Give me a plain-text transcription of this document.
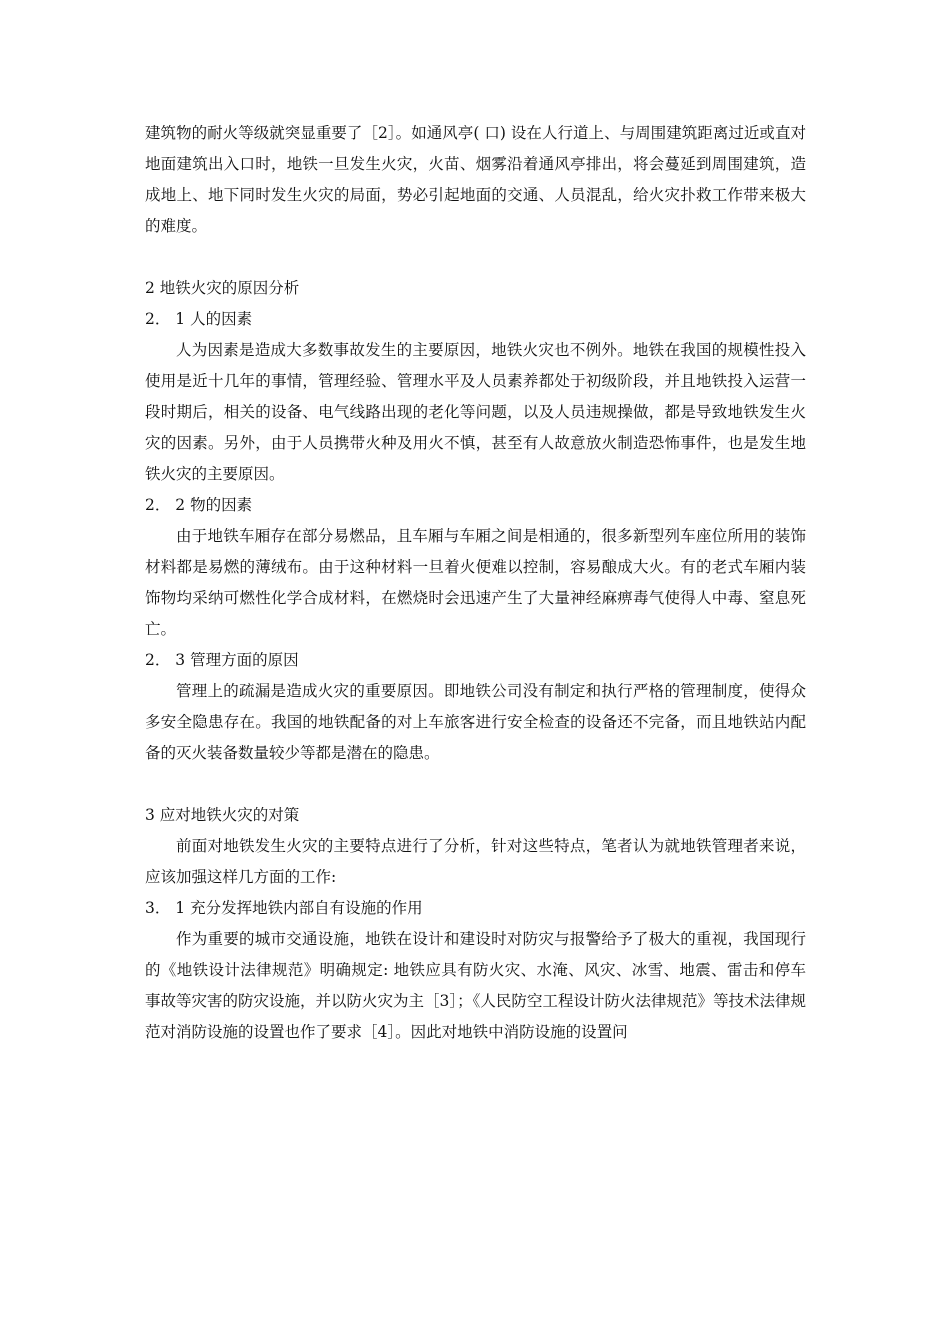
建筑物的耐火等级就突显重要了［2］。如通风亭( 口) 设在人行道上、与周围建筑距离过近或直对地面建筑出入口时，地铁一旦发生火灾，火苗、烟雾沿着通风亭排出，将会蔓延到周围建筑，造成地上、地下同时发生火灾的局面，势必引起地面的交通、人员混乱，给火灾扑救工作带来极大的难度。

2 地铁火灾的原因分析

2． 1 人的因素

人为因素是造成大多数事故发生的主要原因，地铁火灾也不例外。地铁在我国的规模性投入使用是近十几年的事情，管理经验、管理水平及人员素养都处于初级阶段，并且地铁投入运营一段时期后，相关的设备、电气线路出现的老化等问题，以及人员违规操做，都是导致地铁发生火灾的因素。另外，由于人员携带火种及用火不慎，甚至有人故意放火制造恐怖事件，也是发生地铁火灾的主要原因。

2． 2 物的因素

由于地铁车厢存在部分易燃品，且车厢与车厢之间是相通的，很多新型列车座位所用的装饰材料都是易燃的薄绒布。由于这种材料一旦着火便难以控制，容易酿成大火。有的老式车厢内装饰物均采纳可燃性化学合成材料，在燃烧时会迅速产生了大量神经麻痹毒气使得人中毒、窒息死亡。

2． 3 管理方面的原因

管理上的疏漏是造成火灾的重要原因。即地铁公司没有制定和执行严格的管理制度，使得众多安全隐患存在。我国的地铁配备的对上车旅客进行安全检查的设备还不完备，而且地铁站内配备的灭火装备数量较少等都是潜在的隐患。

3 应对地铁火灾的对策

前面对地铁发生火灾的主要特点进行了分析，针对这些特点，笔者认为就地铁管理者来说，应该加强这样几方面的工作:

3． 1 充分发挥地铁内部自有设施的作用

作为重要的城市交通设施，地铁在设计和建设时对防灾与报警给予了极大的重视，我国现行的《地铁设计法律规范》明确规定: 地铁应具有防火灾、水淹、风灾、冰雪、地震、雷击和停车事故等灾害的防灾设施，并以防火灾为主［3］；《人民防空工程设计防火法律规范》等技术法律规范对消防设施的设置也作了要求［4］。因此对地铁中消防设施的设置问
